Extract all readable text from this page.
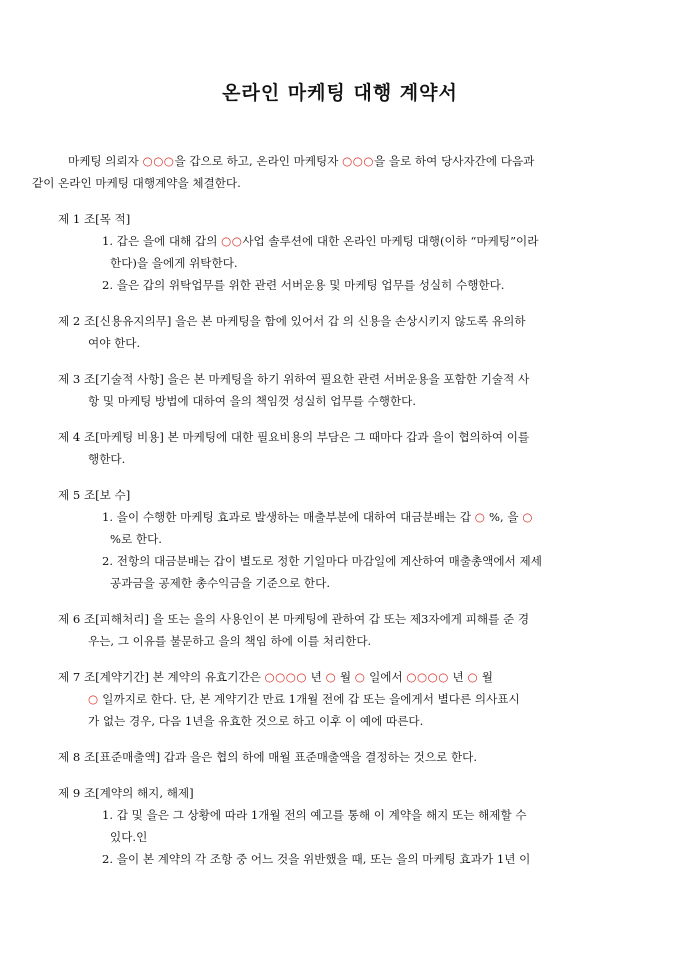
온라인 마케팅 대행 계약서
마케팅 의뢰자 ○○○을 갑으로 하고, 온라인 마케팅자 ○○○을 을로 하여 당사자간에 다음과
같이 온라인 마케팅 대행계약을 체결한다.
제 1 조[목 적]
1. 갑은 을에 대해 갑의 ○○사업 솔루션에 대한 온라인 마케팅 대행(이하 “마케팅”이라
한다)을 을에게 위탁한다.
2. 을은 갑의 위탁업무를 위한 관련 서버운용 및 마케팅 업무를 성실히 수행한다.
제 2 조[신용유지의무] 을은 본 마케팅을 함에 있어서 갑 의 신용을 손상시키지 않도록 유의하
여야 한다.
제 3 조[기술적 사항] 을은 본 마케팅을 하기 위하여 필요한 관련 서버운용을 포함한 기술적 사
항 및 마케팅 방법에 대하여 을의 책임껏 성실히 업무를 수행한다.
제 4 조[마케팅 비용] 본 마케팅에 대한 필요비용의 부담은 그 때마다 갑과 을이 협의하여 이를
행한다.
제 5 조[보 수]
1. 을이 수행한 마케팅 효과로 발생하는 매출부분에 대하여 대금분배는 갑 ○ %, 을 ○
%로 한다.
2. 전항의 대금분배는 갑이 별도로 정한 기일마다 마감일에 계산하여 매출총액에서 제세
공과금을 공제한 총수익금을 기준으로 한다.
제 6 조[피해처리] 을 또는 을의 사용인이 본 마케팅에 관하여 갑 또는 제3자에게 피해를 준 경
우는, 그 이유를 불문하고 을의 책임 하에 이를 처리한다.
제 7 조[계약기간] 본 계약의 유효기간은 ○○○○ 년 ○ 월 ○ 일에서 ○○○○ 년 ○ 월
○ 일까지로 한다. 단, 본 계약기간 만료 1개월 전에 갑 또는 을에게서 별다른 의사표시
가 없는 경우, 다음 1년을 유효한 것으로 하고 이후 이 예에 따른다.
제 8 조[표준매출액] 갑과 을은 협의 하에 매월 표준매출액을 결정하는 것으로 한다.
제 9 조[계약의 해지, 해제]
1. 갑 및 을은 그 상황에 따라 1개월 전의 예고를 통해 이 계약을 해지 또는 해제할 수
있다.인
2. 을이 본 계약의 각 조항 중 어느 것을 위반했을 때, 또는 을의 마케팅 효과가 1년 이
